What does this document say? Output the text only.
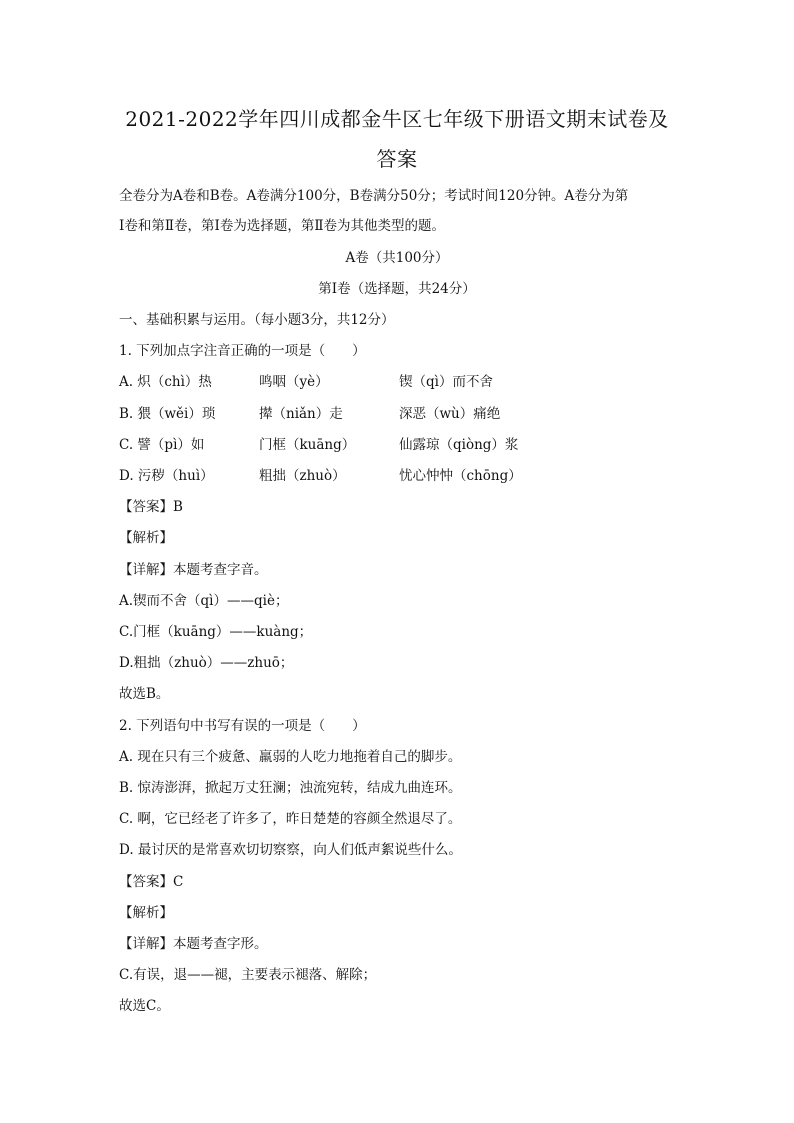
2021-2022学年四川成都金牛区七年级下册语文期末试卷及
答案
全卷分为A卷和B卷。A卷满分100分，B卷满分50分；考试时间120分钟。A卷分为第
Ⅰ卷和第Ⅱ卷，第Ⅰ卷为选择题，第Ⅱ卷为其他类型的题。
A卷（共100分）
第Ⅰ卷（选择题，共24分）
一、基础积累与运用。（每小题3分，共12分）
1. 下列加点字注音正确的一项是（　　）
A. 炽（chì）热	鸣咽（yè）	锲（qì）而不舍
B. 猥（wěi）琐	撵（niǎn）走	深恶（wù）痛绝
C. 譬（pì）如	门框（kuāng）	仙露琼（qiòng）浆
D. 污秽（huì）	粗拙（zhuò）	忧心忡忡（chōng）
【答案】B
【解析】
【详解】本题考查字音。
A.锲而不舍（qì）——qiè；
C.门框（kuāng）——kuàng；
D.粗拙（zhuò）——zhuō；
故选B。
2. 下列语句中书写有误的一项是（　　）
A. 现在只有三个疲惫、羸弱的人吃力地拖着自己的脚步。
B. 惊涛澎湃，掀起万丈狂澜；浊流宛转，结成九曲连环。
C. 啊，它已经老了许多了，昨日楚楚的容颜全然退尽了。
D. 最讨厌的是常喜欢切切察察，向人们低声絮说些什么。
【答案】C
【解析】
【详解】本题考查字形。
C.有误，退——褪，主要表示褪落、解除；
故选C。
